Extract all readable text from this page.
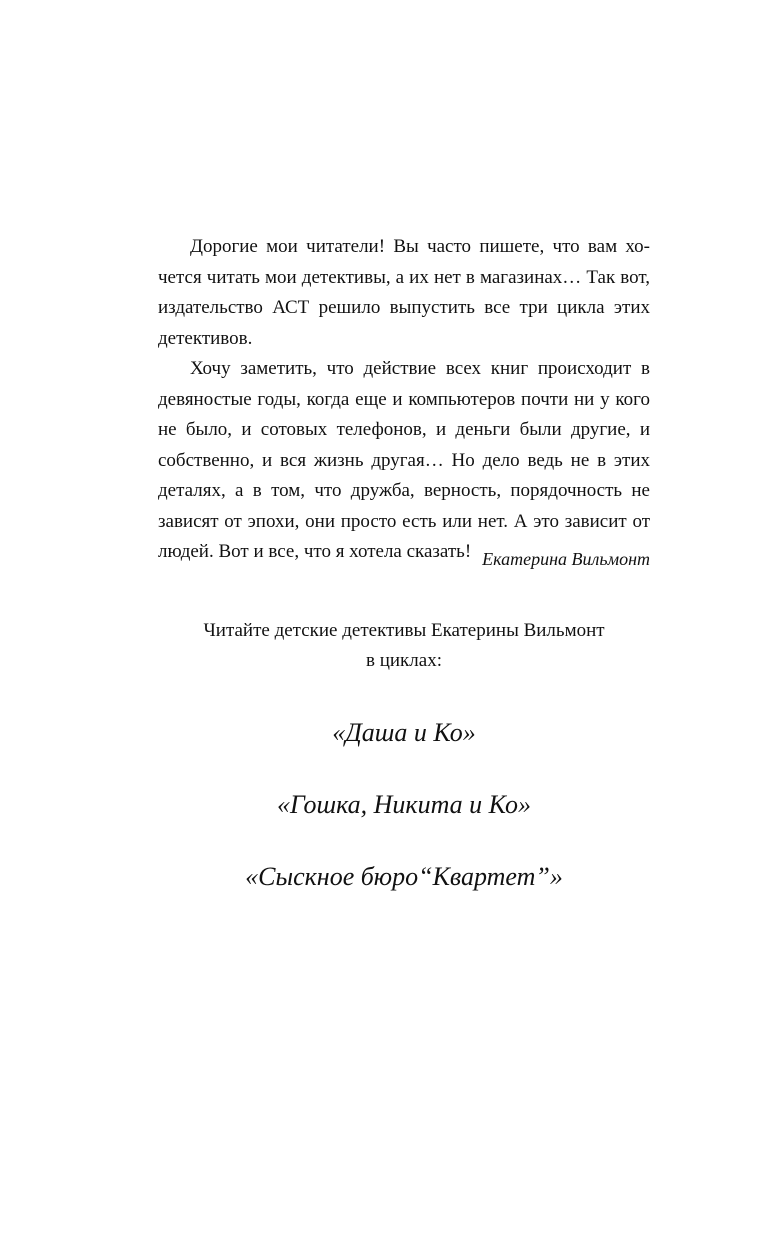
Дорогие мои читатели! Вы часто пишете, что вам хочется читать мои детективы, а их нет в магазинах… Так вот, издательство АСТ решило выпустить все три цикла этих детективов.

Хочу заметить, что действие всех книг происходит в девяностые годы, когда еще и компьютеров почти ни у кого не было, и сотовых телефонов, и деньги были другие, и собственно, и вся жизнь другая… Но дело ведь не в этих деталях, а в том, что дружба, верность, порядочность не зависят от эпохи, они просто есть или нет. А это зависит от людей. Вот и все, что я хотела сказать! Екатерина Вильмонт
Читайте детские детективы Екатерины Вильмонт
в циклах:
«Даша и Ко»
«Гошка, Никита и Ко»
«Сыскное бюро“Квартет”»
